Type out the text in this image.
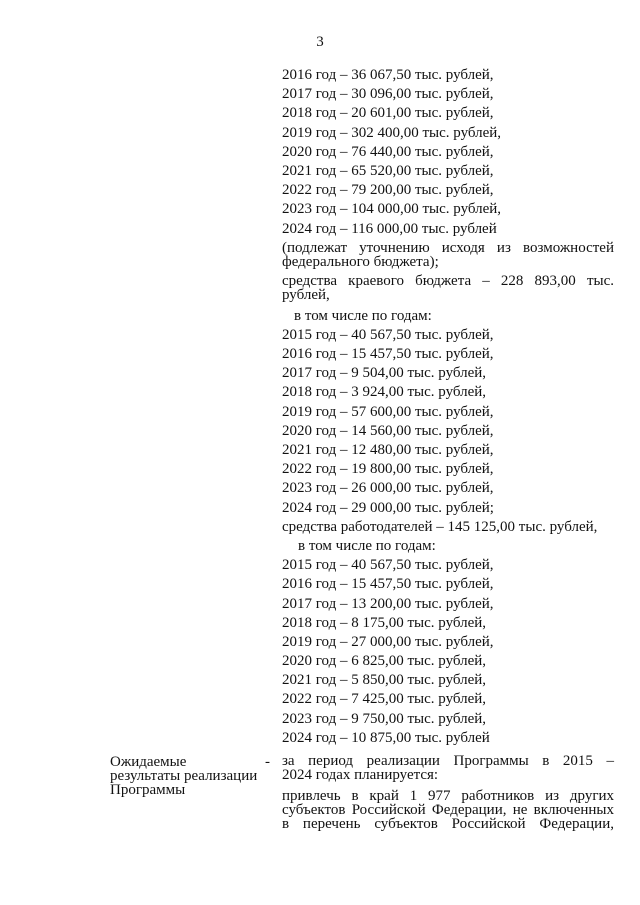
3
2016 год – 36 067,50 тыс. рублей,
2017 год – 30 096,00 тыс. рублей,
2018 год – 20 601,00 тыс. рублей,
2019 год – 302 400,00 тыс. рублей,
2020 год – 76 440,00 тыс. рублей,
2021 год – 65 520,00 тыс. рублей,
2022 год – 79 200,00 тыс. рублей,
2023 год – 104 000,00 тыс. рублей,
2024 год – 116 000,00 тыс. рублей
(подлежат уточнению исходя из возможностей
федерального бюджета);
средства краевого бюджета – 228 893,00 тыс.
рублей,
в том числе по годам:
2015 год – 40 567,50 тыс. рублей,
2016 год – 15 457,50 тыс. рублей,
2017 год – 9 504,00 тыс. рублей,
2018 год – 3 924,00 тыс. рублей,
2019 год – 57 600,00 тыс. рублей,
2020 год – 14 560,00 тыс. рублей,
2021 год – 12 480,00 тыс. рублей,
2022 год – 19 800,00 тыс. рублей,
2023 год – 26 000,00 тыс. рублей,
2024 год – 29 000,00 тыс. рублей;
средства работодателей – 145 125,00 тыс. рублей,
в том числе по годам:
2015 год – 40 567,50 тыс. рублей,
2016 год – 15 457,50 тыс. рублей,
2017 год – 13 200,00 тыс. рублей,
2018 год – 8 175,00 тыс. рублей,
2019 год – 27 000,00 тыс. рублей,
2020 год – 6 825,00 тыс. рублей,
2021 год – 5 850,00 тыс. рублей,
2022 год – 7 425,00 тыс. рублей,
2023 год – 9 750,00 тыс. рублей,
2024 год – 10 875,00 тыс. рублей
Ожидаемые
результаты реализации
Программы
- за период реализации Программы в 2015 –
2024 годах планируется:
привлечь в край 1 977 работников из других
субъектов Российской Федерации, не включенных
в перечень субъектов Российской Федерации,
